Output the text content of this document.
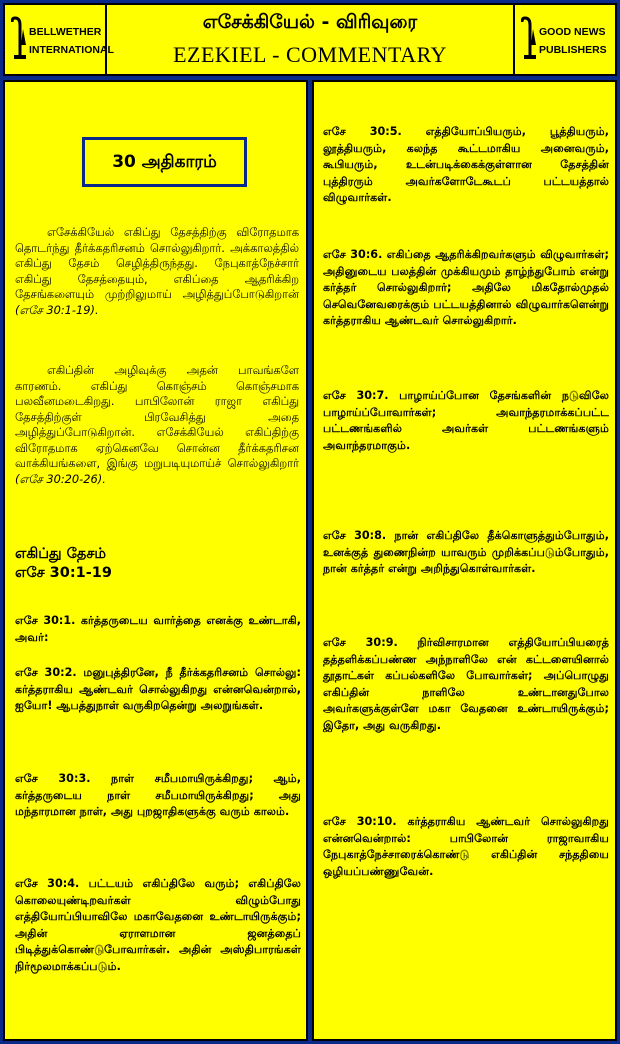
BELLWETHER
INTERNATIONAL
எசேக்கியேல் - விரிவுரை
EZEKIEL - COMMENTARY
GOOD NEWS
PUBLISHERS
30 அதிகாரம்

எசேக்கியேல் எகிப்து தேசத்திற்கு விரோதமாக தொடர்ந்து தீர்க்கதரிசனம் சொல்லுகிறார். அக்காலத்தில் எகிப்து தேசம் செழித்திருந்தது. நேபுகாத்நேச்சார் எகிப்து தேசத்தையும், எகிப்தை ஆதரிக்கிற தேசங்களையும் முற்றிலுமாய் அழித்துப்போடுகிறான் (எசே 30:1-19).

எகிப்தின் அழிவுக்கு அதன் பாவங்களே காரணம். எகிப்து கொஞ்சம் கொஞ்சமாக பலவீனமடைகிறது. பாபிலோன் ராஜா எகிப்து தேசத்திற்குள் பிரவேசித்து அதை அழித்துப்போடுகிறான். எசேக்கியேல் எகிப்திற்கு விரோதமாக ஏற்கெனவே சொன்ன தீர்க்கதரிசன வாக்கியங்களை, இங்கு மறுபடியுமாய்ச் சொல்லுகிறார் (எசே 30:20-26).

எகிப்து தேசம்
எசே 30:1-19
எசே 30:1. கர்த்தருடைய வார்த்தை எனக்கு உண்டாகி, அவர்:
எசே 30:2. மனுபுத்திரனே, நீ தீர்க்கதரிசனம் சொல்லு: கர்த்தராகிய ஆண்டவர் சொல்லுகிறது என்னவென்றால், ஐயோ! ஆபத்துநாள் வருகிறதென்று அலறுங்கள்.
எசே 30:3. நாள் சமீபமாயிருக்கிறது; ஆம், கர்த்தருடைய நாள் சமீபமாயிருக்கிறது; அது மந்தாரமான நாள், அது புறஜாதிகளுக்கு வரும் காலம்.
எசே 30:4. பட்டயம் எகிப்திலே வரும்; எகிப்திலே கொலையுண்டிறவர்கள் விழும்போது எத்தியோப்பியாவிலே மகாவேதனை உண்டாயிருக்கும்; அதின் ஏராளமான ஜனத்தைப் பிடித்துக்கொண்டுபோவார்கள். அதின் அஸ்திபாரங்கள் நிர்மூலமாக்கப்படும்.
எசே 30:5. எத்தியோப்பியரும், பூத்தியரும், லூத்தியரும், கலந்த கூட்டமாகிய அனைவரும், கூபியரும், உடன்படிக்கைக்குள்ளான தேசத்தின் புத்திரரும் அவர்களோடேகூடப் பட்டயத்தால் விழுவார்கள்.
எசே 30:6. எகிப்தை ஆதரிக்கிறவர்களும் விழுவார்கள்; அதினுடைய பலத்தின் முக்கியமும் தாழ்ந்துபோம் என்று கர்த்தர் சொல்லுகிறார்; அதிலே மிகதோல்முதல் செவெனேவரைக்கும் பட்டயத்தினால் விழுவார்களென்று கர்த்தராகிய ஆண்டவர் சொல்லுகிறார்.
எசே 30:7. பாழாய்ப்போன தேசங்களின் நடுவிலே பாழாய்ப்போவார்கள்; அவாந்தரமாக்கப்பட்ட பட்டணங்களில் அவர்கள் பட்டணங்களும் அவாந்தரமாகும்.
எசே 30:8. நான் எகிப்திலே தீக்கொளுத்தும்போதும், உனக்குத் துணைநின்ற யாவரும் முறிக்கப்படும்போதும், நான் கர்த்தர் என்று அறிந்துகொள்வார்கள்.
எசே 30:9. நிர்விசாரமான எத்தியோப்பியரைத் தத்தளிக்கப்பண்ண அந்நாளிலே என் கட்டளையினால் தூதாட்கள் கப்பல்களிலே போவார்கள்; அப்பொழுது எகிப்தின் நாளிலே உண்டானதுபோல அவர்களுக்குள்ளே மகா வேதனை உண்டாயிருக்கும்; இதோ, அது வருகிறது.
எசே 30:10. கர்த்தராகிய ஆண்டவர் சொல்லுகிறது என்னவென்றால்: பாபிலோன் ராஜாவாகிய நேபுகாத்நேச்சாரைக்கொண்டு எகிப்தின் சந்ததியை ஒழியப்பண்ணுவேன்.
